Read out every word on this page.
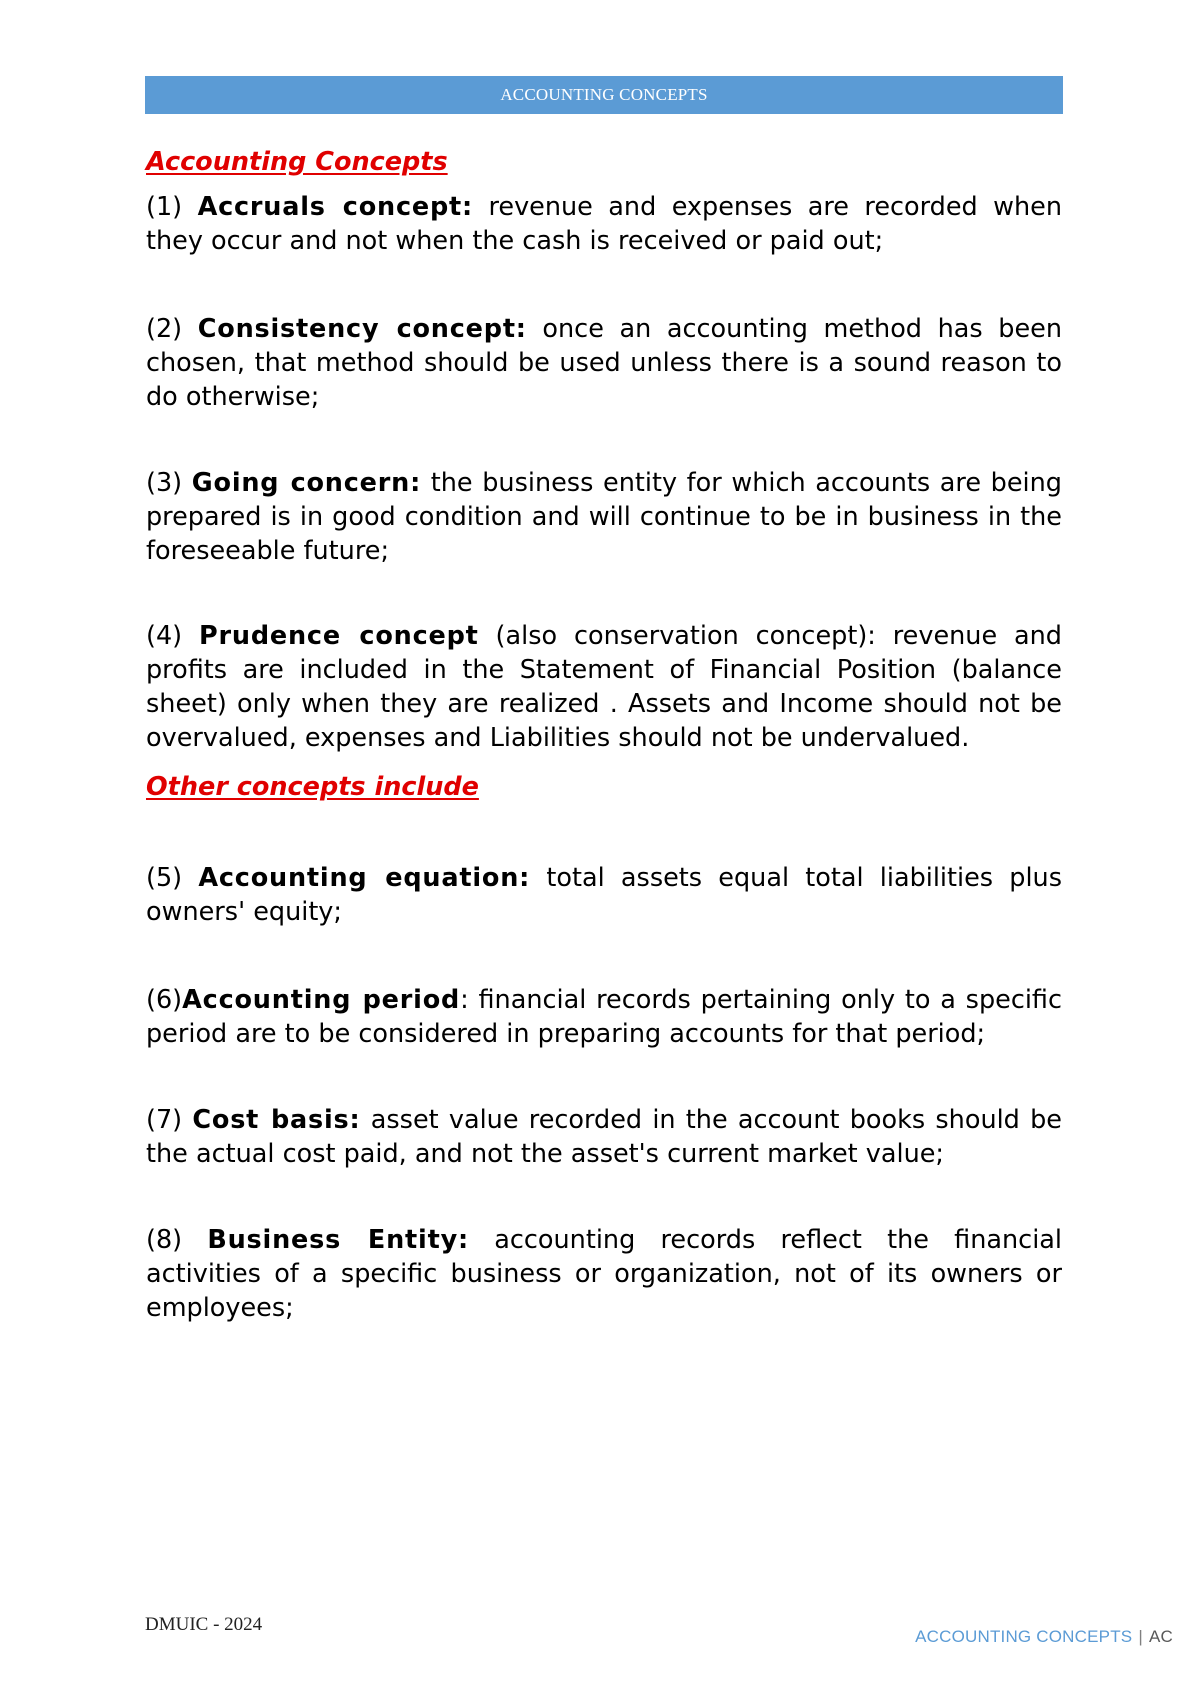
ACCOUNTING CONCEPTS

Accounting Concepts

(1) Accruals concept: revenue and expenses are recorded when they occur and not when the cash is received or paid out;

(2) Consistency concept: once an accounting method has been chosen, that method should be used unless there is a sound reason to do otherwise;

(3) Going concern: the business entity for which accounts are being prepared is in good condition and will continue to be in business in the foreseeable future;

(4) Prudence concept (also conservation concept): revenue and profits are included in the Statement of Financial Position (balance sheet) only when they are realized . Assets and Income should not be overvalued, expenses and Liabilities should not be undervalued.

Other concepts include

(5) Accounting equation: total assets equal total liabilities plus owners' equity;

(6)Accounting period: financial records pertaining only to a specific period are to be considered in preparing accounts for that period;

(7) Cost basis: asset value recorded in the account books should be the actual cost paid, and not the asset's current market value;

(8) Business Entity: accounting records reflect the financial activities of a specific business or organization, not of its owners or employees;

DMUIC - 2024
ACCOUNTING CONCEPTS | AC
